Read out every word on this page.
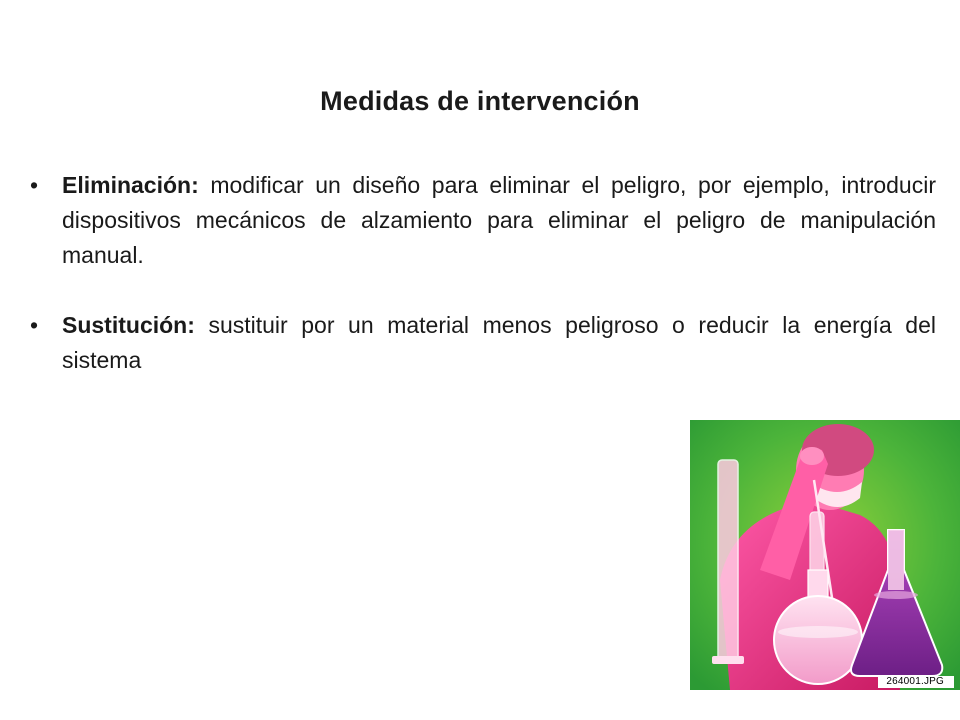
Medidas de intervención
• Eliminación: modificar un diseño para eliminar el peligro, por ejemplo, introducir dispositivos mecánicos de alzamiento para eliminar el peligro de manipulación manual.
• Sustitución: sustituir por un material menos peligroso o reducir la energía del sistema
264001.JPG
